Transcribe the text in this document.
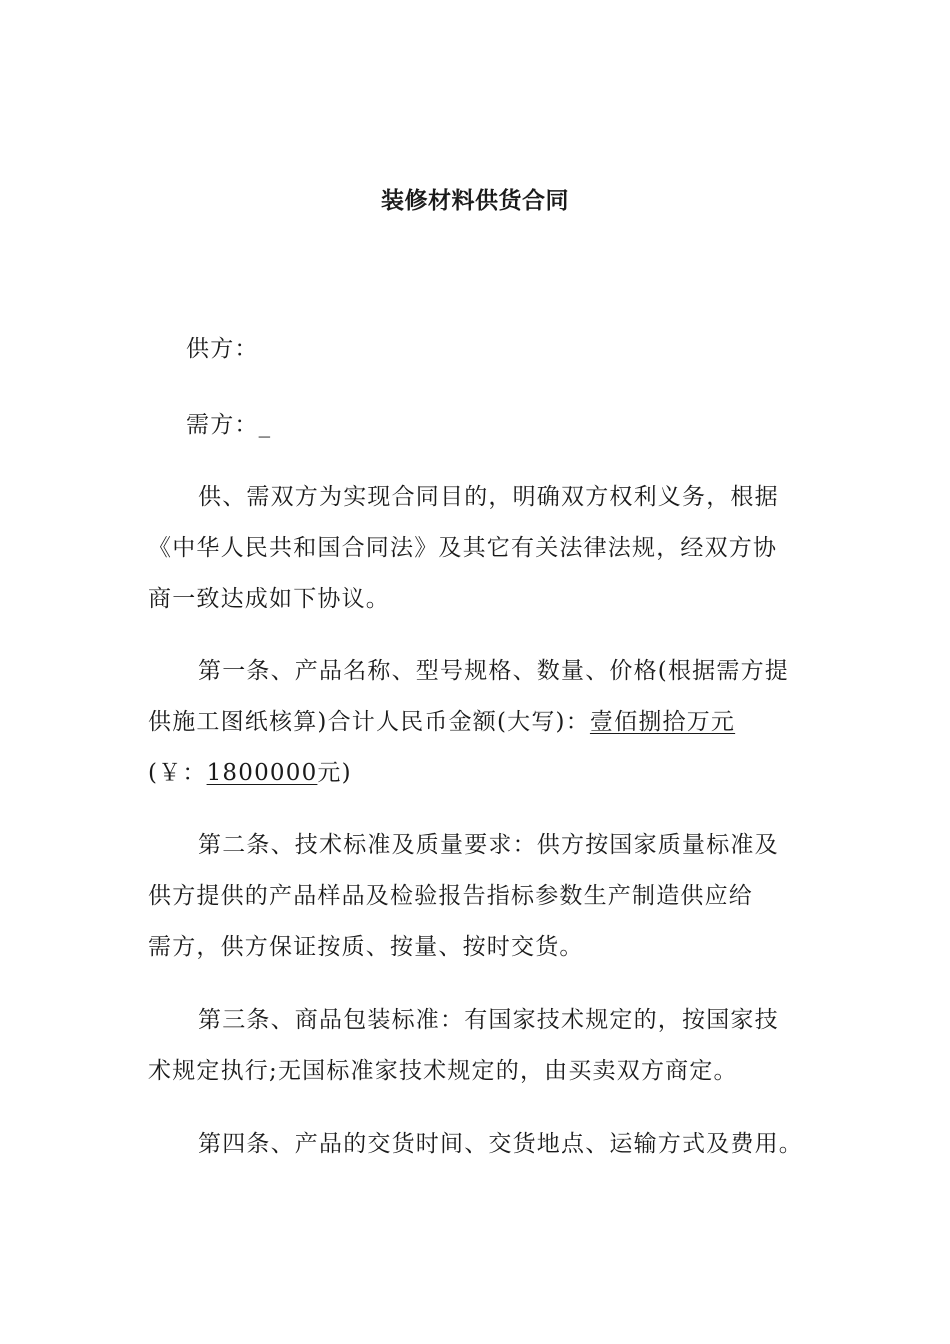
装修材料供货合同
供方：
需方：_
供、需双方为实现合同目的，明确双方权利义务，根据
《中华人民共和国合同法》及其它有关法律法规，经双方协
商一致达成如下协议。
第一条、产品名称、型号规格、数量、价格(根据需方提
供施工图纸核算)合计人民币金额(大写)：壹佰捌拾万元
(￥：1800000元)
第二条、技术标准及质量要求：供方按国家质量标准及
供方提供的产品样品及检验报告指标参数生产制造供应给
需方，供方保证按质、按量、按时交货。
第三条、商品包装标准：有国家技术规定的，按国家技
术规定执行;无国标准家技术规定的，由买卖双方商定。
第四条、产品的交货时间、交货地点、运输方式及费用。
